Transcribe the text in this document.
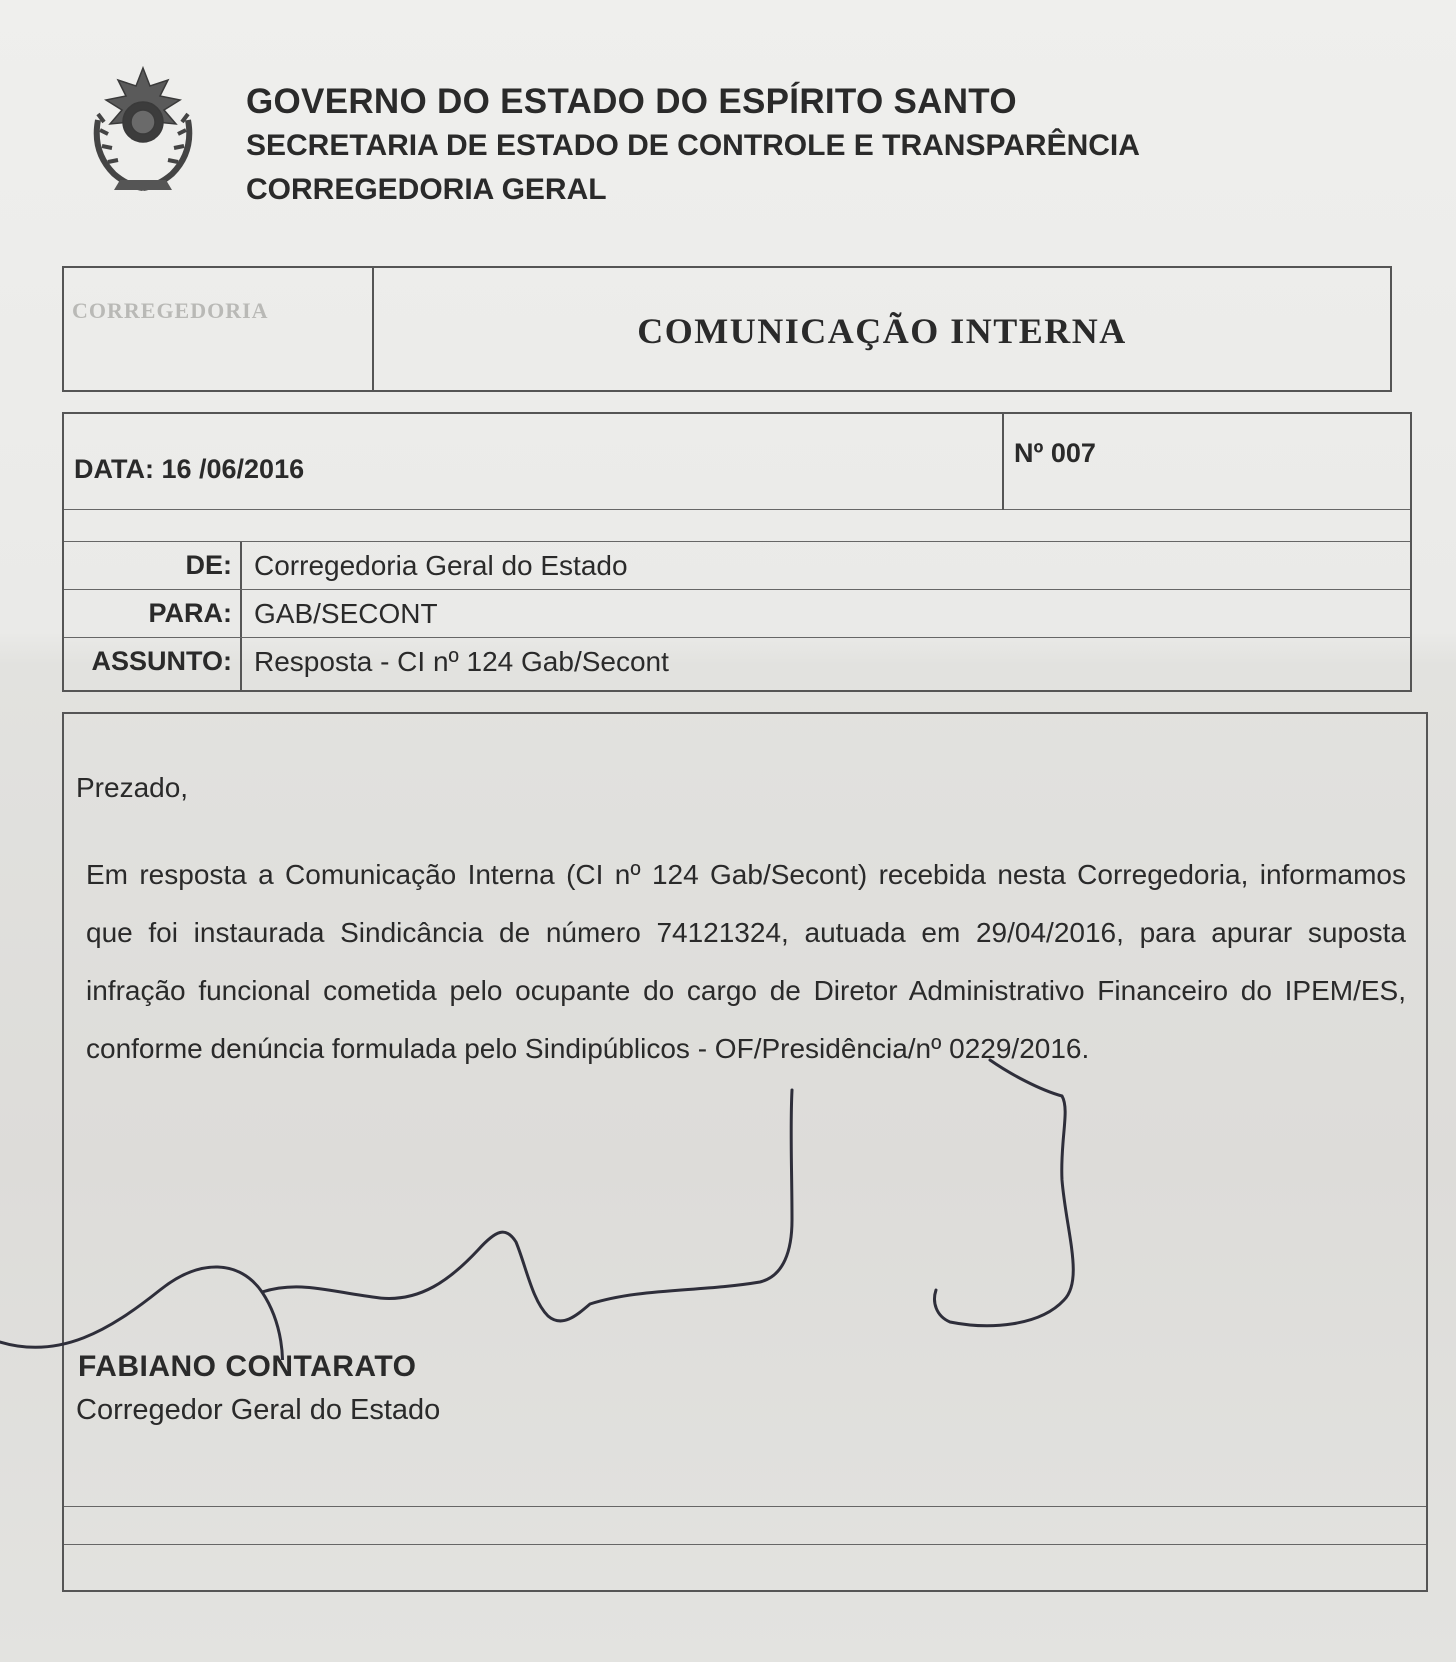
GOVERNO DO ESTADO DO ESPÍRITO SANTO
SECRETARIA DE ESTADO DE CONTROLE E TRANSPARÊNCIA
CORREGEDORIA GERAL
CORREGEDORIA
COMUNICAÇÃO INTERNA
DATA: 16 /06/2016
Nº 007
DE: Corregedoria Geral do Estado
PARA: GAB/SECONT
ASSUNTO: Resposta - CI nº 124 Gab/Secont
Prezado,
Em resposta a Comunicação Interna (CI nº 124 Gab/Secont) recebida nesta Corregedoria, informamos que foi instaurada Sindicância de número 74121324, autuada em 29/04/2016, para apurar suposta infração funcional cometida pelo ocupante do cargo de Diretor Administrativo Financeiro do IPEM/ES, conforme denúncia formulada pelo Sindipúblicos - OF/Presidência/nº 0229/2016.
FABIANO CONTARATO
Corregedor Geral do Estado
